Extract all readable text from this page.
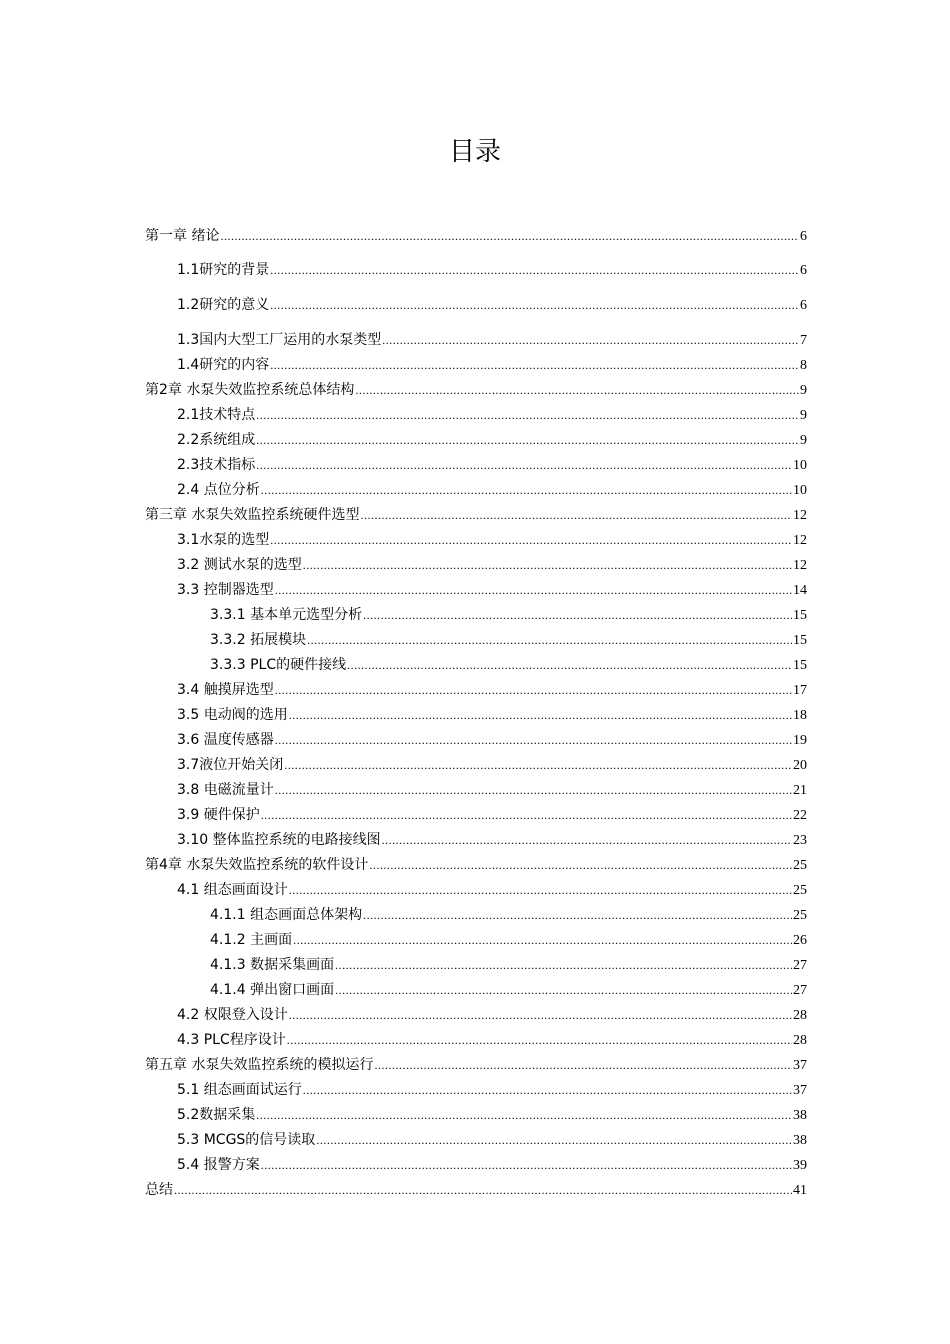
目录
第一章 绪论 .....	6
1.1研究的背景 .....	6
1.2研究的意义 .....	6
1.3国内大型工厂运用的水泵类型 .....	7
1.4研究的内容 .....	8
第2章 水泵失效监控系统总体结构 .....	9
2.1技术特点 .....	9
2.2系统组成 .....	9
2.3技术指标 .....	10
2.4 点位分析 .....	10
第三章 水泵失效监控系统硬件选型 .....	12
3.1水泵的选型 .....	12
3.2 测试水泵的选型 .....	12
3.3 控制器选型 .....	14
3.3.1 基本单元选型分析 .....	15
3.3.2 拓展模块 .....	15
3.3.3 PLC的硬件接线 .....	15
3.4 触摸屏选型 .....	17
3.5 电动阀的选用 .....	18
3.6 温度传感器 .....	19
3.7液位开始关闭 .....	20
3.8 电磁流量计 .....	21
3.9 硬件保护 .....	22
3.10 整体监控系统的电路接线图 .....	23
第4章 水泵失效监控系统的软件设计 .....	25
4.1 组态画面设计 .....	25
4.1.1 组态画面总体架构 .....	25
4.1.2 主画面 .....	26
4.1.3 数据采集画面 .....	27
4.1.4 弹出窗口画面 .....	27
4.2 权限登入设计 .....	28
4.3 PLC程序设计 .....	28
第五章 水泵失效监控系统的模拟运行 .....	37
5.1 组态画面试运行 .....	37
5.2数据采集 .....	38
5.3 MCGS的信号读取 .....	38
5.4 报警方案 .....	39
总结 .....	41
